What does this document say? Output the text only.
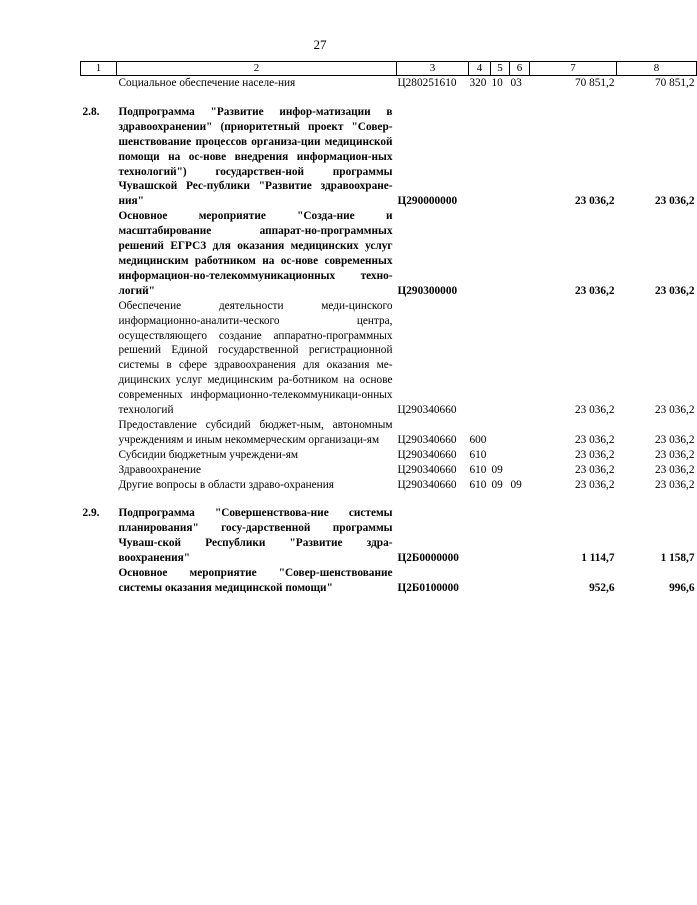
27
1	2	3	4	5	6	7	8
	Социальное обеспечение населе-ния	Ц280251610	320	10	03	70 851,2	70 851,2

2.8.	Подпрограмма "Развитие инфор-матизации в здравоохранении" (приоритетный проект "Совер-шенствование процессов организа-ции медицинской помощи на ос-нове внедрения информацион-ных технологий") государствен-ной программы Чувашской Рес-публики "Развитие здравоохране-ния"	Ц290000000				23 036,2	23 036,2
	Основное мероприятие "Созда-ние и масштабирование аппарат-но-программных решений ЕГРСЗ для оказания медицинских услуг медицинским работником на ос-нове современных информацион-но-телекоммуникационных техно-логий"	Ц290300000				23 036,2	23 036,2
	Обеспечение деятельности меди-цинского информационно-аналити-ческого центра, осуществляющего создание аппаратно-программных решений Единой государственной регистрационной системы в сфере здравоохранения для оказания ме-дицинских услуг медицинским ра-ботником на основе современных информационно-телекоммуникаци-онных технологий	Ц290340660				23 036,2	23 036,2
	Предоставление субсидий бюджет-ным, автономным учреждениям и иным некоммерческим организаци-ям	Ц290340660	600			23 036,2	23 036,2
	Субсидии бюджетным учреждени-ям	Ц290340660	610			23 036,2	23 036,2
	Здравоохранение	Ц290340660	610	09		23 036,2	23 036,2
	Другие вопросы в области здраво-охранения	Ц290340660	610	09	09	23 036,2	23 036,2

2.9.	Подпрограмма "Совершенствова-ние системы планирования" госу-дарственной программы Чуваш-ской Республики "Развитие здра-воохранения"	Ц2Б0000000				1 114,7	1 158,7
	Основное мероприятие "Совер-шенствование системы оказания медицинской помощи"	Ц2Б0100000				952,6	996,6
